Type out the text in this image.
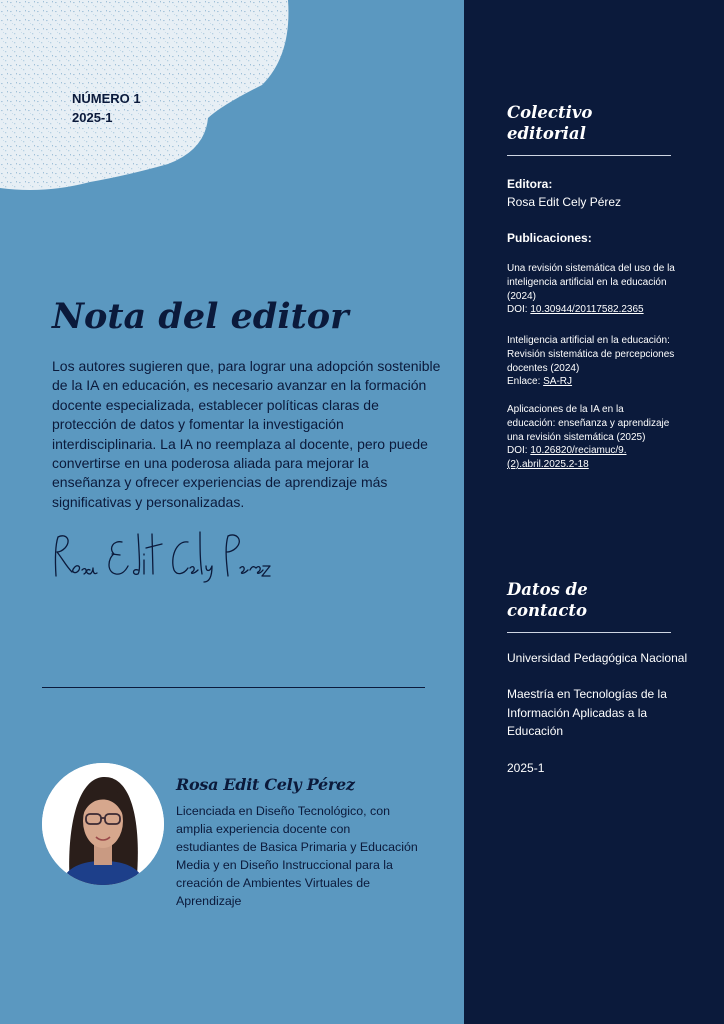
NÚMERO 1
2025-1
Nota del editor
Los autores sugieren que, para lograr una adopción sostenible
de la IA en educación, es necesario avanzar en la formación
docente especializada, establecer políticas claras de
protección de datos y fomentar la investigación
interdisciplinaria. La IA no reemplaza al docente, pero puede
convertirse en una poderosa aliada para mejorar la
enseñanza y ofrecer experiencias de aprendizaje más
significativas y personalizadas.
Rosa Edit Cely Pérez
Licenciada en Diseño Tecnológico, con
amplia experiencia docente con
estudiantes de Basica Primaria y Educación
Media y en Diseño Instruccional para la
creación de Ambientes Virtuales de
Aprendizaje
Colectivo
editorial

Editora:

Rosa Edit Cely Pérez

Publicaciones:

Una revisión sistemática del uso de la
inteligencia artificial en la educación
(2024)
DOI: 10.30944/20117582.2365
Inteligencia artificial en la educación:
Revisión sistemática de percepciones
docentes (2024)
Enlace: SA-RJ
Aplicaciones de la IA en la
educación: enseñanza y aprendizaje
una revisión sistemática (2025)
DOI: 10.26820/reciamuc/9.
(2).abril.2025.2-18
Datos de
contacto

Universidad Pedagógica Nacional

Maestría en Tecnologías de la
Información Aplicadas a la
Educación

2025-1
